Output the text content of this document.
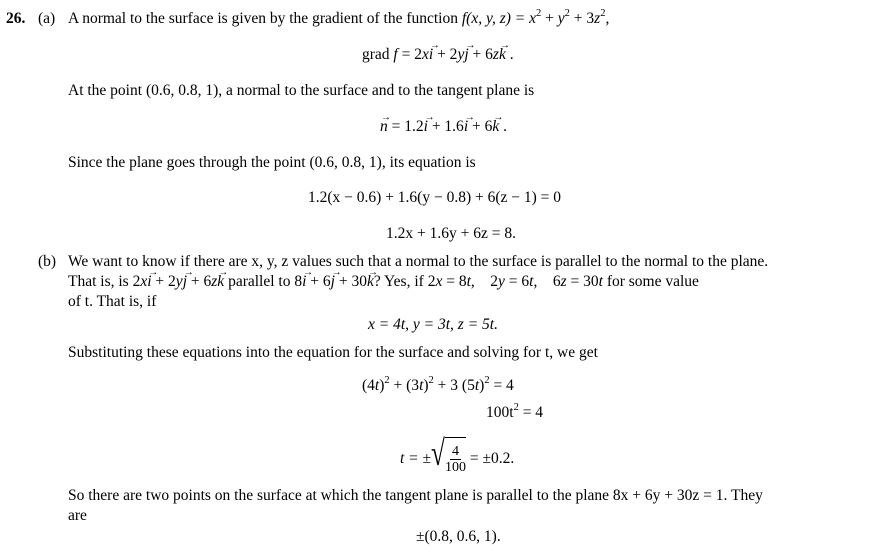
26. (a) A normal to the surface is given by the gradient of the function f(x, y, $z) = x^2 + y^2 + 3z^2$,
grad f = 2xi → + 2yj → + 6zk → .
At the point (0.6, 0.8, 1), a normal to the surface and to the tangent plane is
n → = 1.2i → + 1.6i → + 6k → .
Since the plane goes through the point (0.6, 0.8, 1), its equation is
1.2(x − 0.6) + 1.6(y − 0.8) + 6(z − 1) = 0
1.2x + 1.6y + 6z = 8.
(b) We want to know if there are x, y, z values such that a normal to the surface is parallel to the normal to the plane.
That is, is 2xi → + 2yj → + 6zk → parallel to 8i → + 6j → + 30k →? Yes, if 2x = 8t,    2y = 6t,    6z = 30t for some value
of t. That is, if
x = 4t, y = 3t, z = 5t.
Substituting these equations into the equation for the surface and solving for t, we get
$(4t)^2 + (3t)^2 + 3$ $(5t)^2 = 4$
$100t^2 = 4$
t = ± √ $\frac{4}{100} = \pm 0.2$.
So there are two points on the surface at which the tangent plane is parallel to the plane 8x + 6y + 30z = 1. They
are
±(0.8, 0.6, 1).
